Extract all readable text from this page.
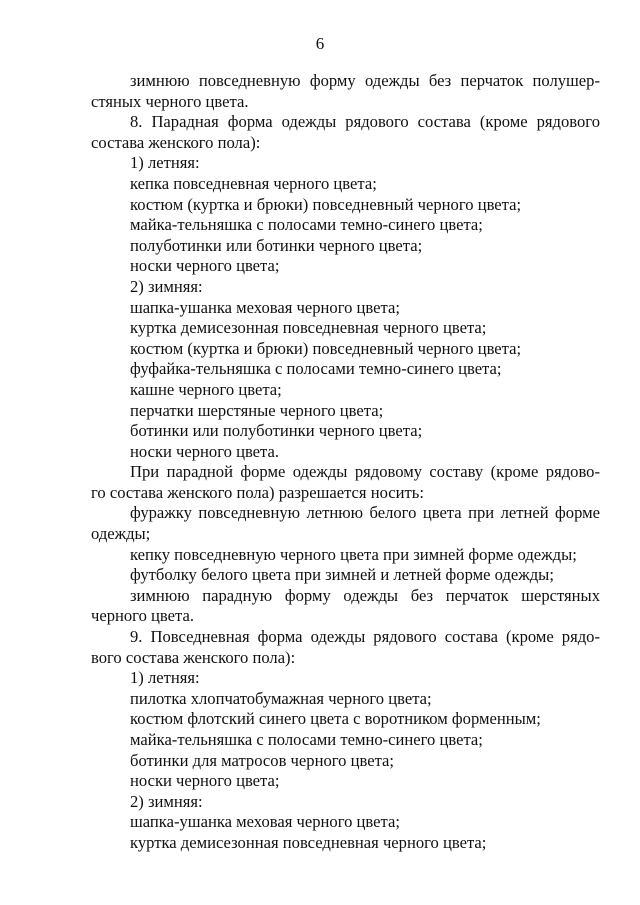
6

зимнюю повседневную форму одежды без перчаток полушер-

стяных черного цвета.

8. Парадная форма одежды рядового состава (кроме рядового

состава женского пола):

1) летняя:

кепка повседневная черного цвета;

костюм (куртка и брюки) повседневный черного цвета;

майка-тельняшка с полосами темно-синего цвета;

полуботинки или ботинки черного цвета;

носки черного цвета;

2) зимняя:

шапка-ушанка меховая черного цвета;

куртка демисезонная повседневная черного цвета;

костюм (куртка и брюки) повседневный черного цвета;

фуфайка-тельняшка с полосами темно-синего цвета;

кашне черного цвета;

перчатки шерстяные черного цвета;

ботинки или полуботинки черного цвета;

носки черного цвета.

При парадной форме одежды рядовому составу (кроме рядово-

го состава женского пола) разрешается носить:

фуражку повседневную летнюю белого цвета при летней форме

одежды;

кепку повседневную черного цвета при зимней форме одежды;

футболку белого цвета при зимней и летней форме одежды;

зимнюю парадную форму одежды без перчаток шерстяных

черного цвета.

9. Повседневная форма одежды рядового состава (кроме рядо-

вого состава женского пола):

1) летняя:

пилотка хлопчатобумажная черного цвета;

костюм флотский синего цвета с воротником форменным;

майка-тельняшка с полосами темно-синего цвета;

ботинки для матросов черного цвета;

носки черного цвета;

2) зимняя:

шапка-ушанка меховая черного цвета;

куртка демисезонная повседневная черного цвета;
